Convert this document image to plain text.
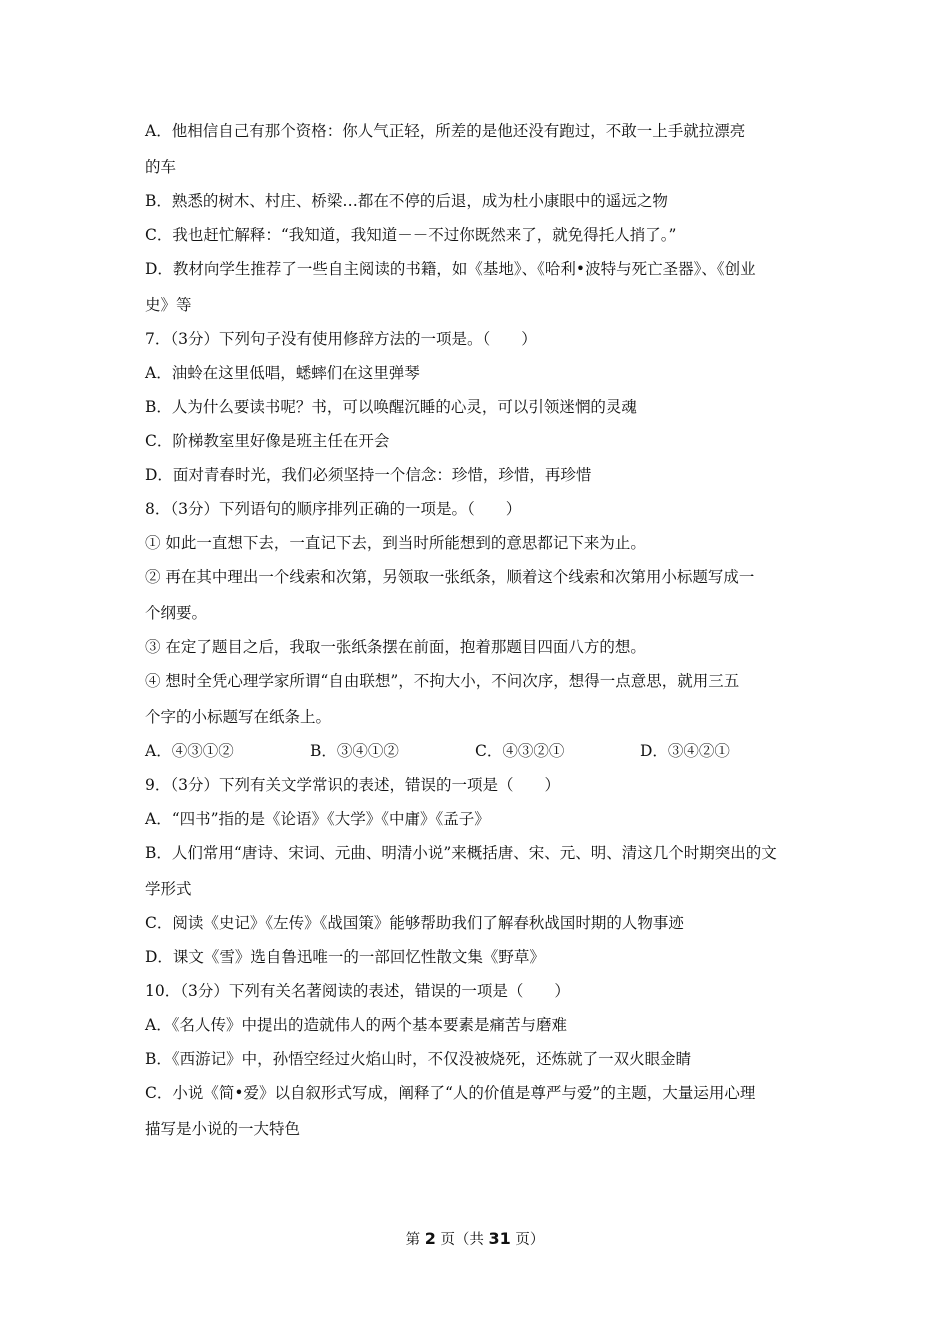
A．他相信自己有那个资格：你人气正轻，所差的是他还没有跑过，不敢一上手就拉漂亮
的车
B．熟悉的树木、村庄、桥梁…都在不停的后退，成为杜小康眼中的遥远之物
C．我也赶忙解释：“我知道，我知道－－不过你既然来了，就免得托人捎了。”
D．教材向学生推荐了一些自主阅读的书籍，如《基地》、《哈利•波特与死亡圣器》、《创业
史》等
7．（3分）下列句子没有使用修辞方法的一项是。（　　）
A．油蛉在这里低唱，蟋蟀们在这里弹琴
B．人为什么要读书呢？书，可以唤醒沉睡的心灵，可以引领迷惘的灵魂
C．阶梯教室里好像是班主任在开会
D．面对青春时光，我们必须坚持一个信念：珍惜，珍惜，再珍惜
8．（3分）下列语句的顺序排列正确的一项是。（　　）
① 如此一直想下去，一直记下去，到当时所能想到的意思都记下来为止。
② 再在其中理出一个线索和次第，另领取一张纸条，顺着这个线索和次第用小标题写成一
个纲要。
③ 在定了题目之后，我取一张纸条摆在前面，抱着那题目四面八方的想。
④ 想时全凭心理学家所谓“自由联想”，不拘大小，不问次序，想得一点意思，就用三五
个字的小标题写在纸条上。
A．④③①②	B．③④①②	C．④③②①	D．③④②①
9．（3分）下列有关文学常识的表述，错误的一项是（　　）
A．“四书”指的是《论语》《大学》《中庸》《孟子》
B．人们常用“唐诗、宋词、元曲、明清小说”来概括唐、宋、元、明、清这几个时期突出的文
学形式
C．阅读《史记》《左传》《战国策》能够帮助我们了解春秋战国时期的人物事迹
D．课文《雪》选自鲁迅唯一的一部回忆性散文集《野草》
10．（3分）下列有关名著阅读的表述，错误的一项是（　　）
A．《名人传》中提出的造就伟人的两个基本要素是痛苦与磨难
B．《西游记》中，孙悟空经过火焰山时，不仅没被烧死，还炼就了一双火眼金睛
C．小说《简•爱》以自叙形式写成，阐释了“人的价值是尊严与爱”的主题，大量运用心理
描写是小说的一大特色
第 2 页（共 31 页）
